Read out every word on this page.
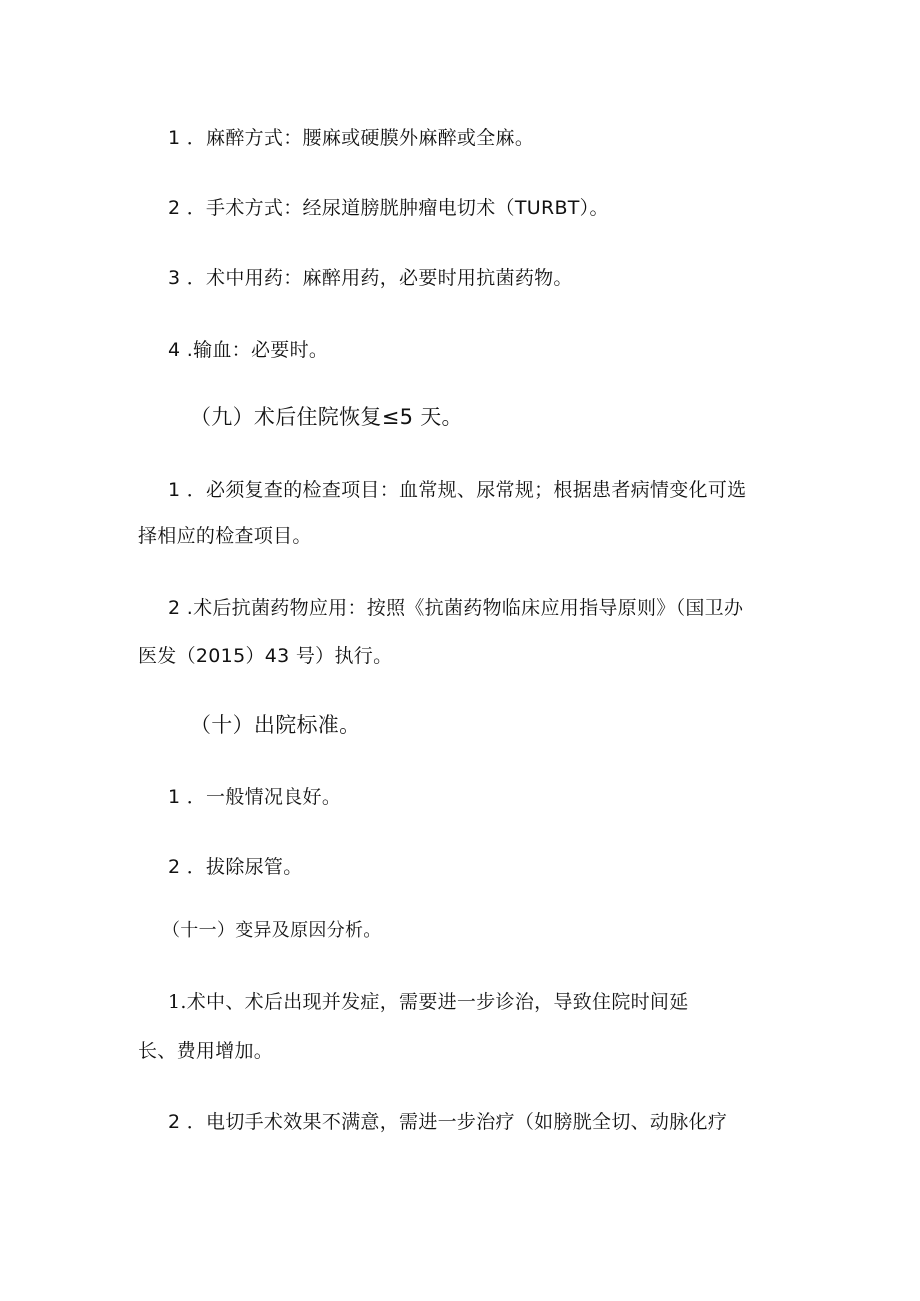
1 ．麻醉方式：腰麻或硬膜外麻醉或全麻。
2 ．手术方式：经尿道膀胱肿瘤电切术（TURBT）。
3 ．术中用药：麻醉用药，必要时用抗菌药物。
4 .输血：必要时。
（九）术后住院恢复≤5 天。
1 ．必须复查的检查项目：血常规、尿常规；根据患者病情变化可选
择相应的检查项目。
2 .术后抗菌药物应用：按照《抗菌药物临床应用指导原则》（国卫办
医发（2015）43 号）执行。
（十）出院标准。
1 ．一般情况良好。
2 ．拔除尿管。
（十一）变异及原因分析。
1.术中、术后出现并发症，需要进一步诊治，导致住院时间延
长、费用增加。
2 ．电切手术效果不满意，需进一步治疗（如膀胱全切、动脉化疗
